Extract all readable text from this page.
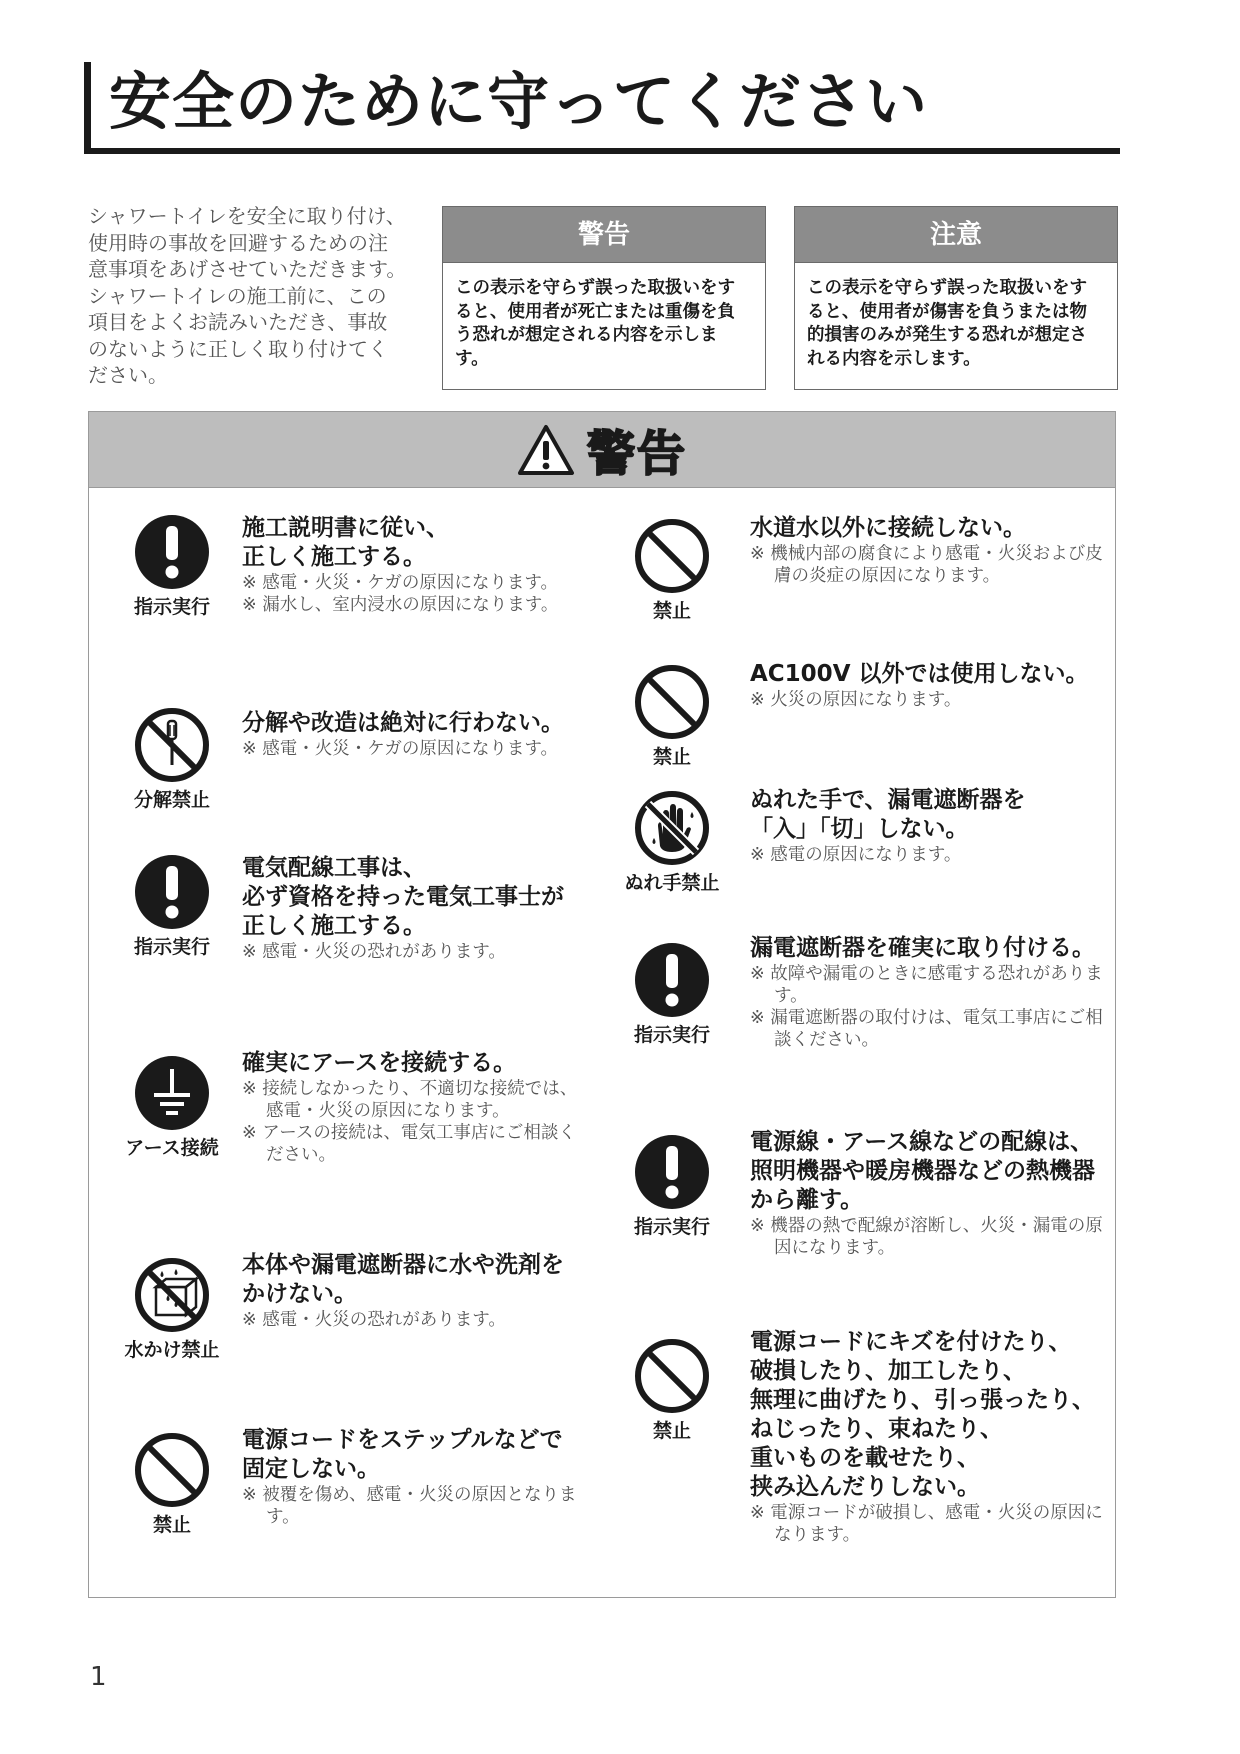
安全のために守ってください
シャワートイレを安全に取り付け、
使用時の事故を回避するための注
意事項をあげさせていただきます。
シャワートイレの施工前に、この
項目をよくお読みいただき、事故
のないように正しく取り付けてく
ださい。
警告
この表示を守らず誤った取扱いをす
ると、使用者が死亡または重傷を負
う恐れが想定される内容を示しま
す。
注意
この表示を守らず誤った取扱いをす
ると、使用者が傷害を負うまたは物
的損害のみが発生する恐れが想定さ
れる内容を示します。
警告
指示実行
施工説明書に従い、
正しく施工する。
※ 感電・火災・ケガの原因になります。
※ 漏水し、室内浸水の原因になります。
分解禁止
分解や改造は絶対に行わない。
※ 感電・火災・ケガの原因になります。
指示実行
電気配線工事は、
必ず資格を持った電気工事士が
正しく施工する。
※ 感電・火災の恐れがあります。
アース接続
確実にアースを接続する。
※ 接続しなかったり、不適切な接続では、感電・火災の原因になります。
※ アースの接続は、電気工事店にご相談ください。
水かけ禁止
本体や漏電遮断器に水や洗剤を
かけない。
※ 感電・火災の恐れがあります。
禁止
電源コードをステップルなどで
固定しない。
※ 被覆を傷め、感電・火災の原因となります。
禁止
水道水以外に接続しない。
※ 機械内部の腐食により感電・火災および皮膚の炎症の原因になります。
禁止
AC100V 以外では使用しない。
※ 火災の原因になります。
ぬれ手禁止
ぬれた手で、漏電遮断器を
「入」「切」しない。
※ 感電の原因になります。
指示実行
漏電遮断器を確実に取り付ける。
※ 故障や漏電のときに感電する恐れがあります。
※ 漏電遮断器の取付けは、電気工事店にご相談ください。
指示実行
電源線・アース線などの配線は、
照明機器や暖房機器などの熱機器
から離す。
※ 機器の熱で配線が溶断し、火災・漏電の原因になります。
禁止
電源コードにキズを付けたり、
破損したり、加工したり、
無理に曲げたり、引っ張ったり、
ねじったり、束ねたり、
重いものを載せたり、
挟み込んだりしない。
※ 電源コードが破損し、感電・火災の原因になります。
1
